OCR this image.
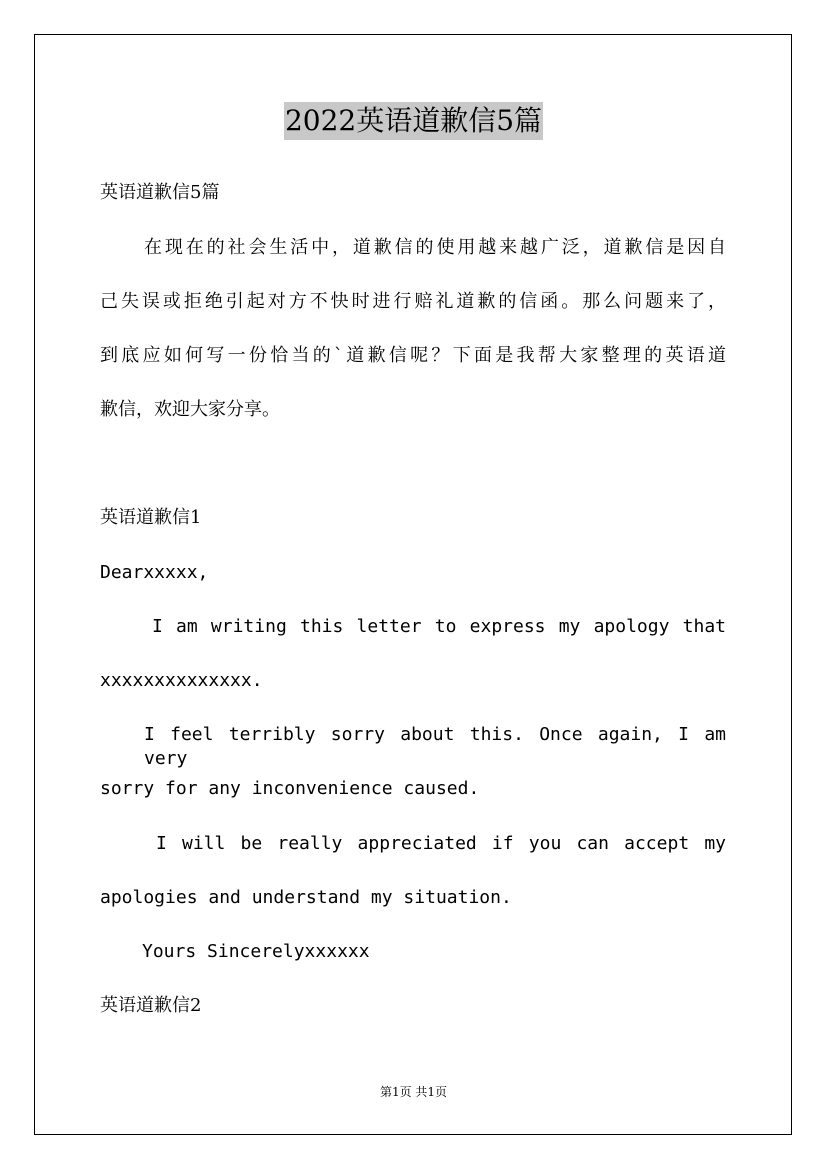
2022英语道歉信5篇
英语道歉信5篇
在现在的社会生活中，道歉信的使用越来越广泛，道歉信是因自
己失误或拒绝引起对方不快时进行赔礼道歉的信函。那么问题来了，
到底应如何写一份恰当的`道歉信呢？下面是我帮大家整理的英语道
歉信，欢迎大家分享。
英语道歉信1
Dearxxxxx,
I am writing this letter to express my apology that
xxxxxxxxxxxxxx.
I feel terribly sorry about this. Once again, I am very
sorry for any inconvenience caused.
I will be really appreciated if you can accept my
apologies and understand my situation.
Yours Sincerelyxxxxxx
英语道歉信2
第1页 共1页
